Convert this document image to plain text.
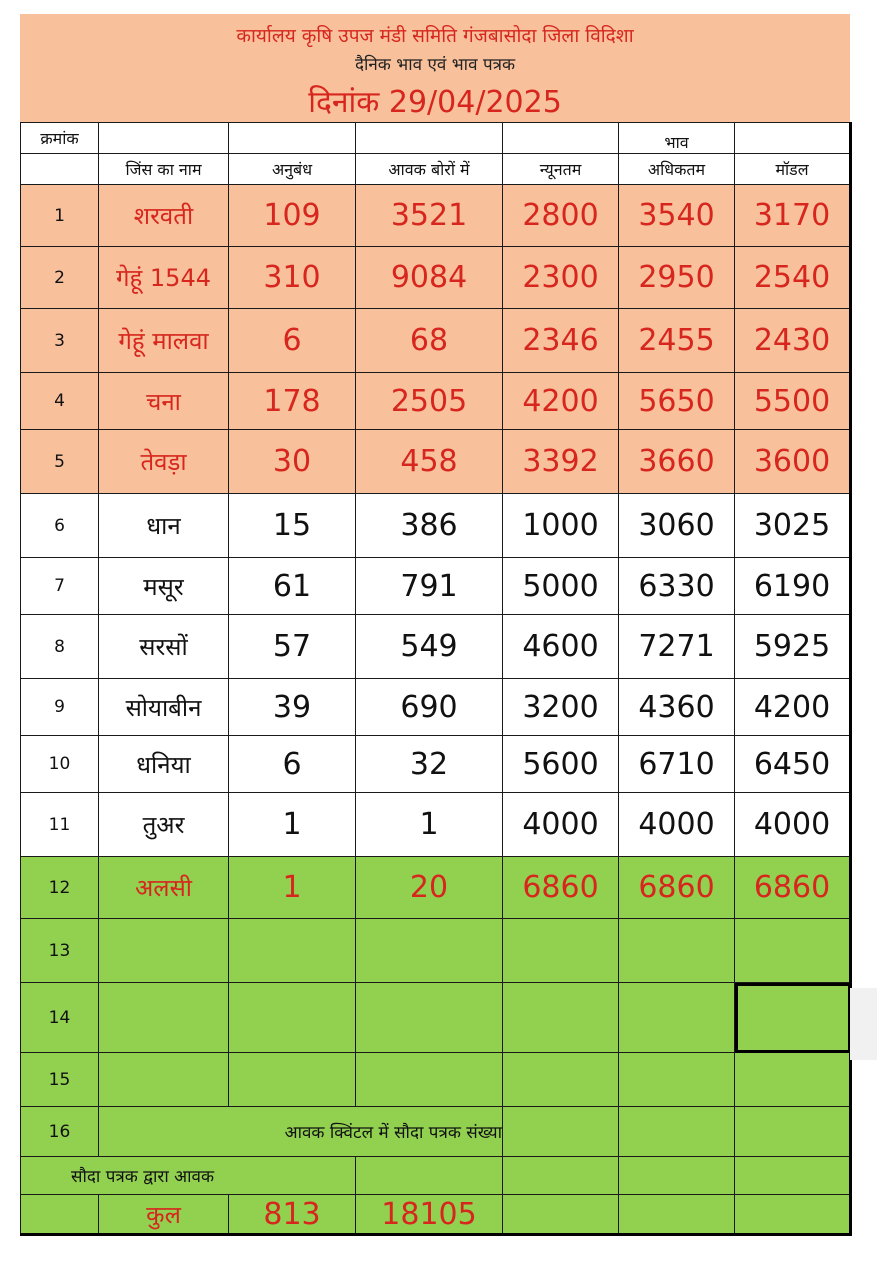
कार्यालय कृषि उपज मंडी समिति गंजबासोदा जिला विदिशा
दैनिक भाव एवं भाव पत्रक
दिनांक 29/04/2025
क्रमांक					भाव	
	जिंस का नाम	अनुबंध	आवक बोरों में	न्यूनतम	अधिकतम	मॉडल
1	शरवती	109	3521	2800	3540	3170
2	गेहूं 1544	310	9084	2300	2950	2540
3	गेहूं मालवा	6	68	2346	2455	2430
4	चना	178	2505	4200	5650	5500
5	तेवड़ा	30	458	3392	3660	3600
6	धान	15	386	1000	3060	3025
7	मसूर	61	791	5000	6330	6190
8	सरसों	57	549	4600	7271	5925
9	सोयाबीन	39	690	3200	4360	4200
10	धनिया	6	32	5600	6710	6450
11	तुअर	1	1	4000	4000	4000
12	अलसी	1	20	6860	6860	6860
13						
14						
15						
16	आवक क्विंटल में सौदा पत्रक संख्या					
सौदा पत्रक द्वारा आवक						
	कुल	813	18105			
